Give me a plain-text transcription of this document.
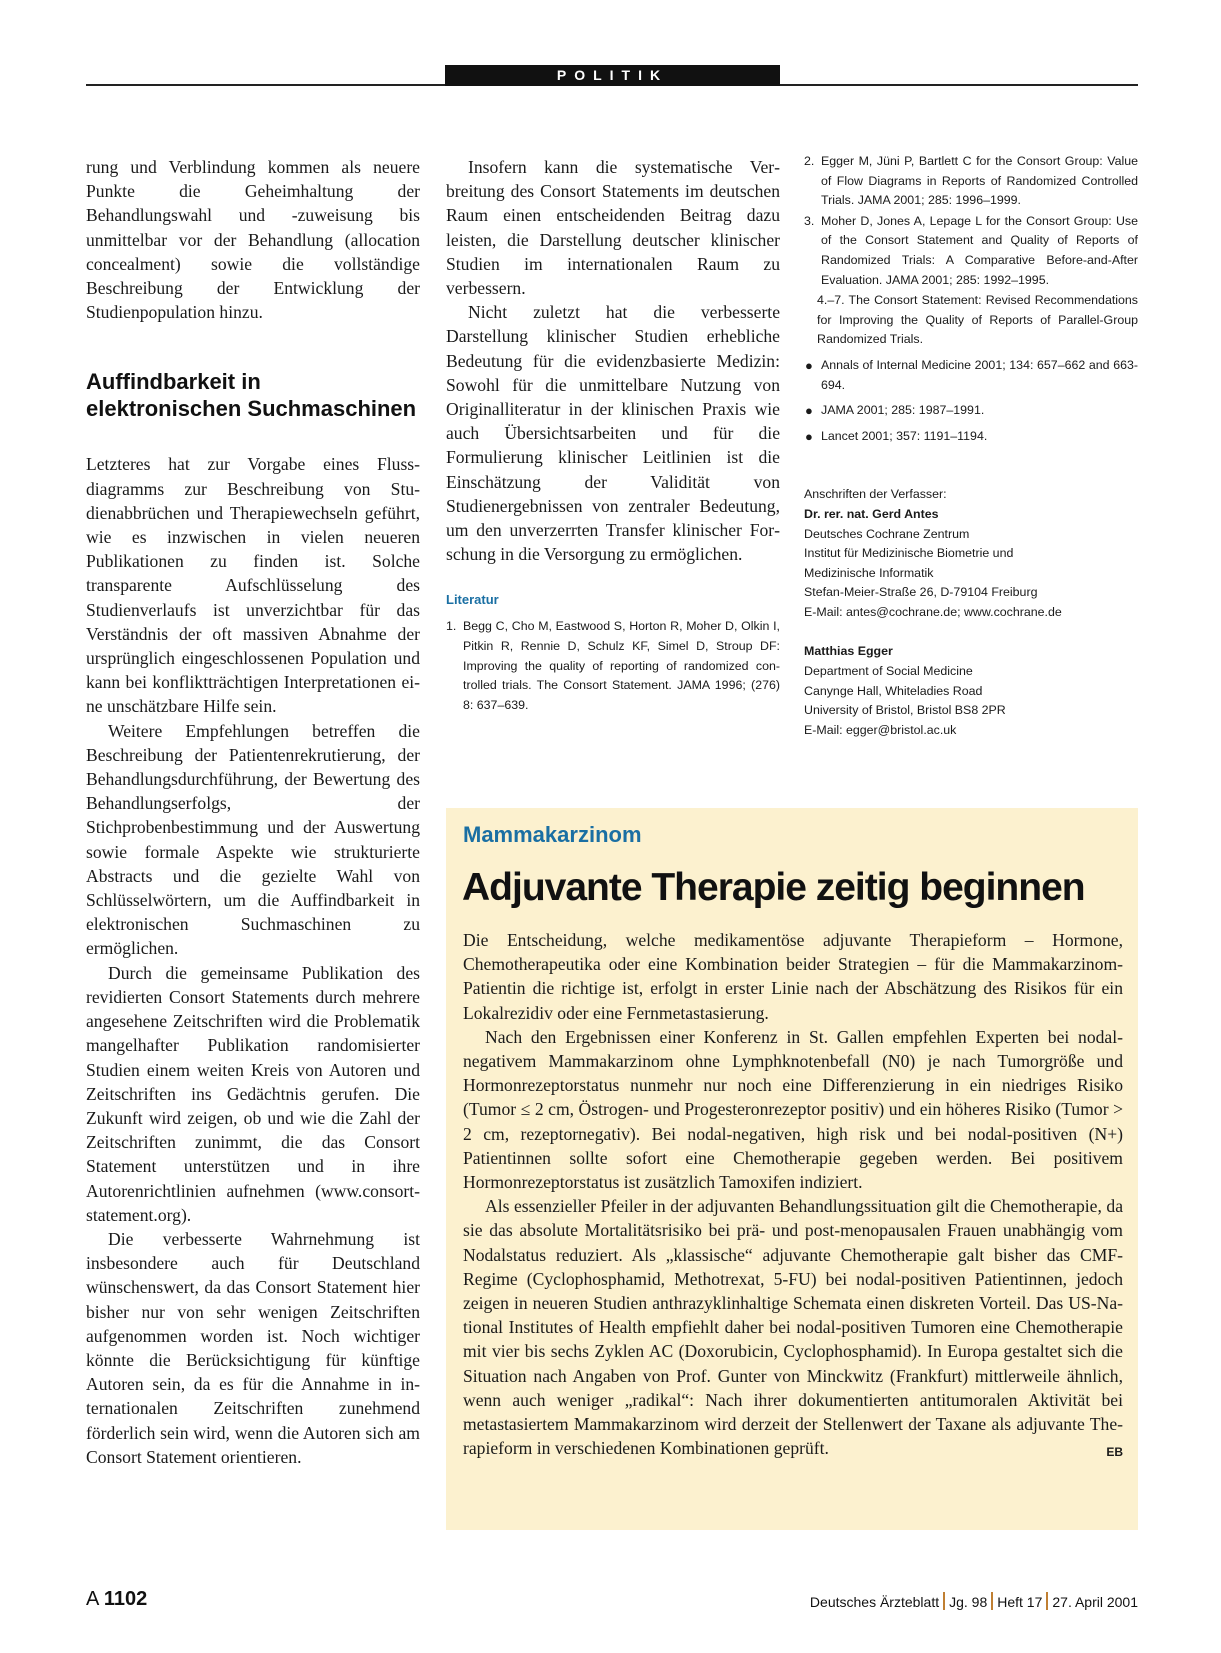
POLITIK

rung und Verblindung kommen als neuere Punkte die Geheimhaltung der Behandlungswahl und -zuweisung bis unmittelbar vor der Behandlung (allocation concealment) sowie die vollständige Beschreibung der Entwicklung der Studienpopulation hinzu.

Auffindbarkeit in
elektronischen Suchmaschinen

Letzteres hat zur Vorgabe eines Flussdiagramms zur Beschreibung von Studienabbrüchen und Therapiewechseln geführt, wie es inzwischen in vielen neueren Publikationen zu finden ist. Solche transparente Aufschlüsselung des Studienverlaufs ist unverzichtbar für das Verständnis der oft massiven Abnahme der ursprünglich eingeschlossenen Population und kann bei konfliktträchtigen Interpretationen eine unschätzbare Hilfe sein.

Weitere Empfehlungen betreffen die Beschreibung der Patientenrekrutierung, der Behandlungsdurchführung, der Bewertung des Behandlungserfolgs, der Stichprobenbestimmung und der Auswertung sowie formale Aspekte wie strukturierte Abstracts und die gezielte Wahl von Schlüsselwörtern, um die Auffindbarkeit in elektronischen Suchmaschinen zu ermöglichen.

Durch die gemeinsame Publikation des revidierten Consort Statements durch mehrere angesehene Zeitschriften wird die Problematik mangelhafter Publikation randomisierter Studien einem weiten Kreis von Autoren und Zeitschriften ins Gedächtnis gerufen. Die Zukunft wird zeigen, ob und wie die Zahl der Zeitschriften zunimmt, die das Consort Statement unterstützen und in ihre Autorenrichtlinien aufnehmen (www.consort-statement.org).

Die verbesserte Wahrnehmung ist insbesondere auch für Deutschland wünschenswert, da das Consort Statement hier bisher nur von sehr wenigen Zeitschriften aufgenommen worden ist. Noch wichtiger könnte die Berücksichtigung für künftige Autoren sein, da es für die Annahme in internationalen Zeitschriften zunehmend förderlich sein wird, wenn die Autoren sich am Consort Statement orientieren.

Insofern kann die systematische Verbreitung des Consort Statements im deutschen Raum einen entscheidenden Beitrag dazu leisten, die Darstellung deutscher klinischer Studien im internationalen Raum zu verbessern.

Nicht zuletzt hat die verbesserte Darstellung klinischer Studien erhebliche Bedeutung für die evidenzbasierte Medizin: Sowohl für die unmittelbare Nutzung von Originalliteratur in der klinischen Praxis wie auch Übersichtsarbeiten und für die Formulierung klinischer Leitlinien ist die Einschätzung der Validität von Studienergebnissen von zentraler Bedeutung, um den unverzerrten Transfer klinischer Forschung in die Versorgung zu ermöglichen.

Literatur
1. Begg C, Cho M, Eastwood S, Horton R, Moher D, Olkin I, Pitkin R, Rennie D, Schulz KF, Simel D, Stroup DF: Improving the quality of reporting of randomized controlled trials. The Consort Statement. JAMA 1996; (276) 8: 637–639.
2. Egger M, Jüni P, Bartlett C for the Consort Group: Value of Flow Diagrams in Reports of Randomized Controlled Trials. JAMA 2001; 285: 1996–1999.
3. Moher D, Jones A, Lepage L for the Consort Group: Use of the Consort Statement and Quality of Reports of Randomized Trials: A Comparative Before-and-After Evaluation. JAMA 2001; 285: 1992–1995.
4.–7. The Consort Statement: Revised Recommendations for Improving the Quality of Reports of Parallel-Group Randomized Trials.
● Annals of Internal Medicine 2001; 134: 657–662 and 663-694.
● JAMA 2001; 285: 1987–1991.
● Lancet 2001; 357: 1191–1194.
Anschriften der Verfasser:
Dr. rer. nat. Gerd Antes
Deutsches Cochrane Zentrum
Institut für Medizinische Biometrie und
Medizinische Informatik
Stefan-Meier-Straße 26, D-79104 Freiburg
E-Mail: antes@cochrane.de; www.cochrane.de
Matthias Egger
Department of Social Medicine
Canynge Hall, Whiteladies Road
University of Bristol, Bristol BS8 2PR
E-Mail: egger@bristol.ac.uk
Mammakarzinom
Adjuvante Therapie zeitig beginnen

Die Entscheidung, welche medikamentöse adjuvante Therapieform – Hormone, Chemotherapeutika oder eine Kombination beider Strategien – für die Mammakarzinom-Patientin die richtige ist, erfolgt in erster Linie nach der Abschätzung des Risikos für ein Lokalrezidiv oder eine Fernmetastasierung.

Nach den Ergebnissen einer Konferenz in St. Gallen empfehlen Experten bei nodal-negativem Mammakarzinom ohne Lymphknotenbefall (N0) je nach Tumorgröße und Hormonrezeptorstatus nunmehr nur noch eine Differenzierung in ein niedriges Risiko (Tumor ≤ 2 cm, Östrogen- und Progesteronrezeptor positiv) und ein höheres Risiko (Tumor > 2 cm, rezeptornegativ). Bei nodal-negativen, high risk und bei nodal-positiven (N+) Patientinnen sollte sofort eine Chemotherapie gegeben werden. Bei positivem Hormonrezeptorstatus ist zusätzlich Tamoxifen indiziert.

Als essenzieller Pfeiler in der adjuvanten Behandlungssituation gilt die Chemotherapie, da sie das absolute Mortalitätsrisiko bei prä- und post-menopausalen Frauen unabhängig vom Nodalstatus reduziert. Als „klassische“ adjuvante Chemotherapie galt bisher das CMF-Regime (Cyclophosphamid, Methotrexat, 5-FU) bei nodal-positiven Patientinnen, jedoch zeigen in neueren Studien anthrazyklinhaltige Schemata einen diskreten Vorteil. Das US-National Institutes of Health empfiehlt daher bei nodal-positiven Tumoren eine Chemotherapie mit vier bis sechs Zyklen AC (Doxorubicin, Cyclophosphamid). In Europa gestaltet sich die Situation nach Angaben von Prof. Gunter von Minckwitz (Frankfurt) mittlerweile ähnlich, wenn auch weniger „radikal“: Nach ihrer dokumentierten antitumoralen Aktivität bei metastasiertem Mammakarzinom wird derzeit der Stellenwert der Taxane als adjuvante Therapieform in verschiedenen Kombinationen geprüft.	EB

A 1102	Deutsches Ärzteblatt Jg. 98 Heft 17 27. April 2001
